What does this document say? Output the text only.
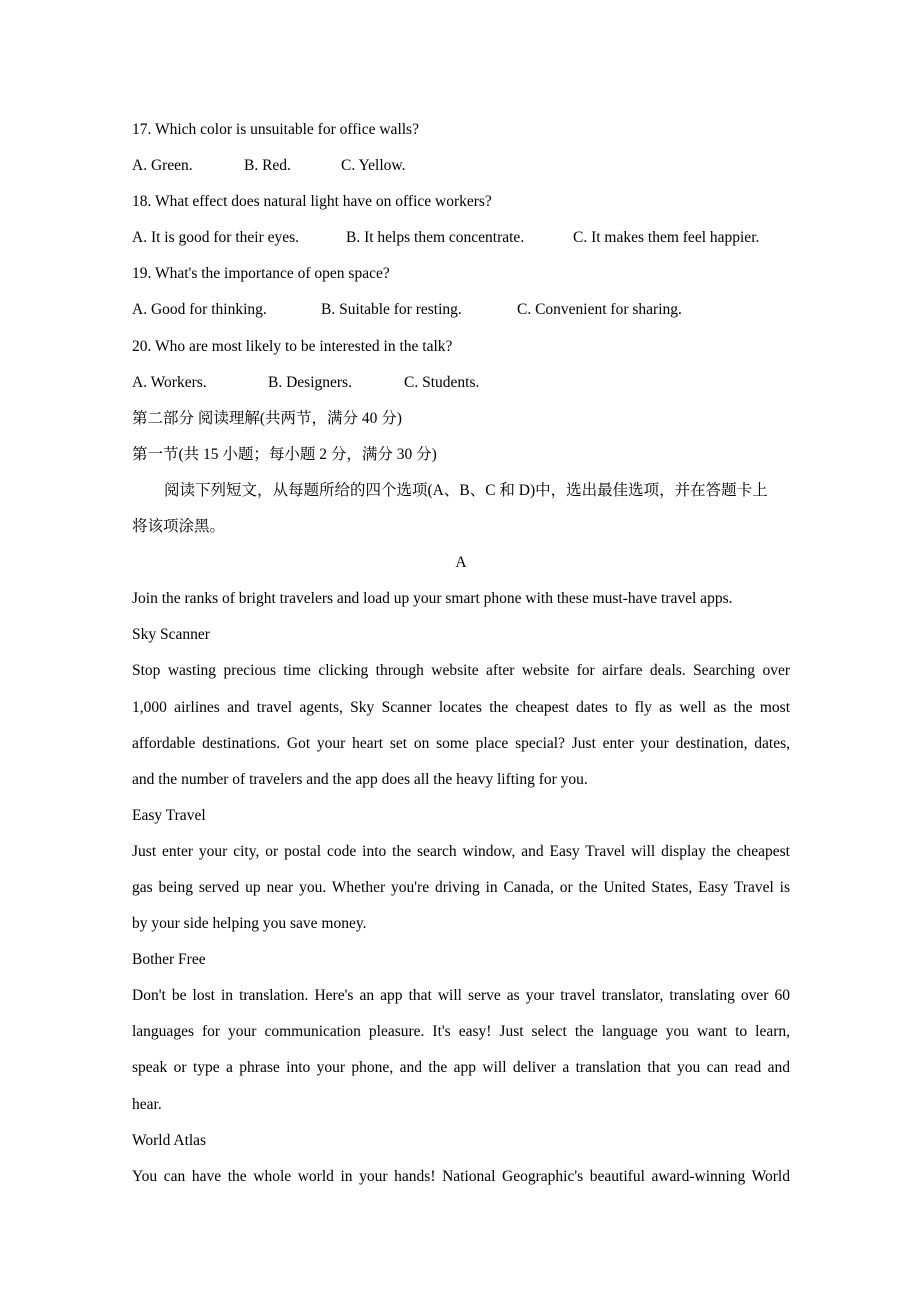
17. Which color is unsuitable for office walls?
A. Green.	B. Red.	C. Yellow.
18. What effect does natural light have on office workers?
A. It is good for their eyes.	B. It helps them concentrate.	C. It makes them feel happier.
19. What's the importance of open space?
A. Good for thinking.	B. Suitable for resting.	C. Convenient for sharing.
20. Who are most likely to be interested in the talk?
A. Workers.	B. Designers.	C. Students.
第二部分 阅读理解(共两节，满分 40 分)
第一节(共 15 小题；每小题 2 分，满分 30 分)
阅读下列短文，从每题所给的四个选项(A、B、C 和 D)中，选出最佳选项，并在答题卡上
将该项涂黑。
A
Join the ranks of bright travelers and load up your smart phone with these must-have travel apps.
Sky Scanner
Stop wasting precious time clicking through website after website for airfare deals. Searching over
1,000 airlines and travel agents, Sky Scanner locates the cheapest dates to fly as well as the most
affordable destinations. Got your heart set on some place special? Just enter your destination, dates,
and the number of travelers and the app does all the heavy lifting for you.
Easy Travel
Just enter your city, or postal code into the search window, and Easy Travel will display the cheapest
gas being served up near you. Whether you're driving in Canada, or the United States, Easy Travel is
by your side helping you save money.
Bother Free
Don't be lost in translation. Here's an app that will serve as your travel translator, translating over 60
languages for your communication pleasure. It's easy! Just select the language you want to learn,
speak or type a phrase into your phone, and the app will deliver a translation that you can read and
hear.
World Atlas
You can have the whole world in your hands! National Geographic's beautiful award-winning World
